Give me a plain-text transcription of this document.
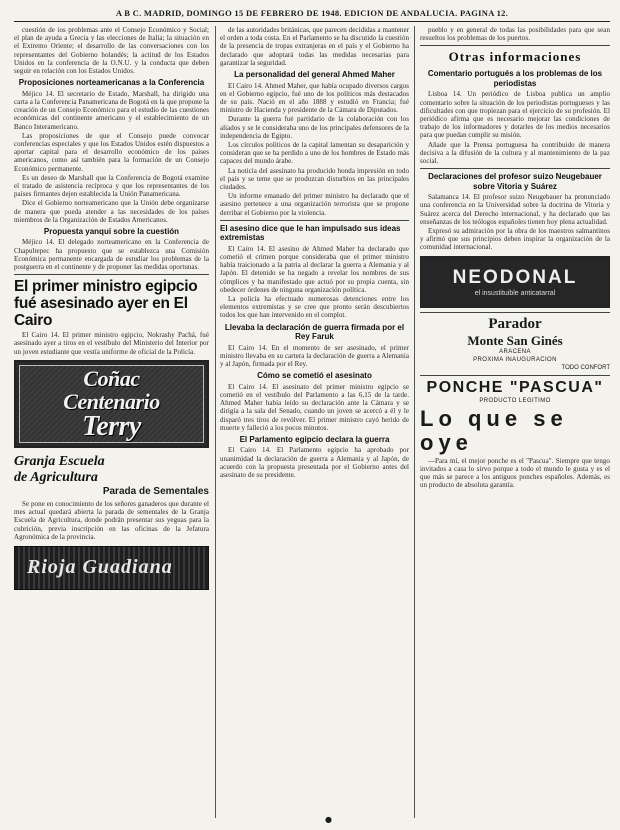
A B C. MADRID, DOMINGO 15 DE FEBRERO DE 1948. EDICION DE ANDALUCIA. PAGINA 12.

cuestión de ios problemas ante el Consejo Económico y Social; el plan de ayuda a Grecia y las elecciones de Italia; la situación en el Extremo Oriente; el desarrollo de las conversaciones con los representantes del Gobierno holandés; la actitud de los Estados Unidos en la conferencia de la O.N.U. y la conducta que deben seguir en relación con los Estados Unidos.

Proposiciones norteamericanas a la Conferencia

Méjico 14. El secretario de Estado, Marshall, ha dirigido una carta a la Conferencia Panamericana de Bogotá en la que propone la creación de un Consejo Económico para el estudio de las cuestiones económicas del continente americano y el establecimiento de un Banco Interamericano.

Las proposiciones de que el Consejo puede convocar conferencias especiales y que los Estados Unidos estén dispuestos a aportar capital para el desarrollo económico de los países americanos, como así también para la formación de un Consejo Económico permanente.

Es un deseo de Marshall que la Conferencia de Bogotá examine el tratado de asistencia recíproca y que los representantes de los países firmantes dejen establecida la Unión Panamericana.

Dice el Gobierno norteamericano que la Unión debe organizarse de manera que pueda atender a las necesidades de los países miembros de la Organización de Estados Americanos.

Propuesta yanqui sobre la cuestión

Méjico 14. El delegado norteamericano en la Conferencia de Chapultepec ha propuesto que se establezca una Comisión Económica permanente encargada de estudiar los problemas de la postguerra en el continente y de proponer las medidas oportunas.

El primer ministro egipcio fué asesinado ayer en El Cairo

El Cairo 14. El primer ministro egipcio, Nokrashy Pachá, fué asesinado ayer a tiros en el vestíbulo del Ministerio del Interior por un joven estudiante que vestía uniforme de oficial de la Policía.

Coñac
Centenario
Terry
Granja Escuela
de Agricultura
Parada de Sementales

Se pone en conocimiento de los señores ganaderos que durante el mes actual quedará abierta la parada de sementales de la Granja Escuela de Agricultura, donde podrán presentar sus yeguas para la cubrición, previa inscripción en las oficinas de la Jefatura Agronómica de la provincia.

Rioja Guadiana

de las autoridades británicas, que parecen decididas a mantener el orden a toda costa. En el Parlamento se ha discutido la cuestión de la presencia de tropas extranjeras en el país y el Gobierno ha declarado que adoptará todas las medidas necesarias para garantizar la seguridad.

La personalidad del general Ahmed Maher

El Cairo 14. Ahmed Maher, que había ocupado diversos cargos en el Gobierno egipcio, fué uno de los políticos más destacados de su país. Nació en el año 1888 y estudió en Francia; fué ministro de Hacienda y presidente de la Cámara de Diputados.

Durante la guerra fué partidario de la colaboración con los aliados y se le consideraba uno de los principales defensores de la independencia de Egipto.

Los círculos políticos de la capital lamentan su desaparición y consideran que se ha perdido a uno de los hombres de Estado más capaces del mundo árabe.

La noticia del asesinato ha producido honda impresión en todo el país y se teme que se produzcan disturbios en las principales ciudades.

Un informe emanado del primer ministro ha declarado que el asesino pertenece a una organización terrorista que se propone derribar el Gobierno por la violencia.

El asesino dice que le han impulsado sus ideas extremistas

El Cairo 14. El asesino de Ahmed Maher ha declarado que cometió el crimen porque consideraba que el primer ministro había traicionado a la patria al declarar la guerra a Alemania y al Japón. El detenido se ha negado a revelar los nombres de sus cómplices y ha manifestado que actuó por su propia cuenta, sin obedecer órdenes de ninguna organización política.

La policía ha efectuado numerosas detenciones entre los elementos extremistas y se cree que pronto serán descubiertos todos los que han intervenido en el complot.

Llevaba la declaración de guerra firmada por el Rey Faruk

El Cairo 14. En el momento de ser asesinado, el primer ministro llevaba en su cartera la declaración de guerra a Alemania y al Japón, firmada por el Rey.

Cómo se cometió el asesinato

El Cairo 14. El asesinato del primer ministro egipcio se cometió en el vestíbulo del Parlamento a las 6,15 de la tarde. Ahmed Maher había leído su declaración ante la Cámara y se dirigía a la sala del Senado, cuando un joven se acercó a él y le disparó tres tiros de revólver. El primer ministro cayó herido de muerte y falleció a los pocos minutos.

El Parlamento egipcio declara la guerra

El Cairo 14. El Parlamento egipcio ha aprobado por unanimidad la declaración de guerra a Alemania y al Japón, de acuerdo con la propuesta presentada por el Gobierno antes del asesinato de su presidente.

pueblo y en general de todas las posibilidades para que sean resueltos los problemas de los puertos.

Otras informaciones
Comentario portugués a los problemas de los periodistas

Lisboa 14. Un periódico de Lisboa publica un amplio comentario sobre la situación de los periodistas portugueses y las dificultades con que tropiezan para el ejercicio de su profesión. El periódico afirma que es necesario mejorar las condiciones de trabajo de los informadores y dotarles de los medios necesarios para que puedan cumplir su misión.

Añade que la Prensa portuguesa ha contribuido de manera decisiva a la difusión de la cultura y al mantenimiento de la paz social.

Declaraciones del profesor suizo Neugebauer sobre Vitoria y Suárez

Salamanca 14. El profesor suizo Neugebauer ha pronunciado una conferencia en la Universidad sobre la doctrina de Vitoria y Suárez acerca del Derecho internacional, y ha declarado que las enseñanzas de los teólogos españoles tienen hoy plena actualidad.

Expresó su admiración por la obra de los maestros salmantinos y afirmó que sus principios deben inspirar la organización de la comunidad internacional.

NEODONAL
el insustituible anticatarral
Parador
Monte San Ginés
ARACENA
PROXIMA INAUGURACION
TODO CONFORT
PONCHE "PASCUA"
PRODUCTO LEGITIMO
Lo que se oye

—Para mí, el mejor ponche es el "Pascua". Siempre que tengo invitados a casa lo sirvo porque a todo el mundo le gusta y es el que más se parece a los antiguos ponches españoles. Además, es un producto de absoluta garantía.

●
